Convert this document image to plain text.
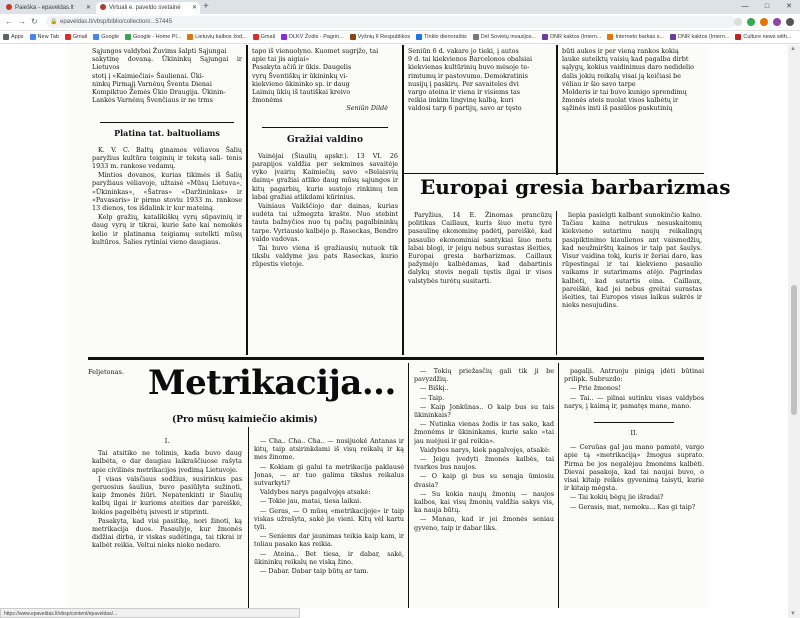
Paieška - epaveldas.lt ✕	Virtuali e. paveldo svetainė ✕ +	—	□	✕
← → ↻ 🔒 epaveldas.lt/vbsp/biblio/collection/...57445
Apps	New Tab	Gmail	Google	Google - Home Pl...	Lietuvių kalbos žod...	Gmail	DLKV Žodis - Pagrin...	Vyšnių II Respublikos	Tinklo dienoraštis	Dėl Sovietų invazijos...	DNR kaktos (Intern...	Interneto barkas s...	DNR kaktos (Intern...	Culture news with...
Sąjungos valdybai Žuvims šalpti Sąjungai
sakytinę dovaną. Ūkininkų Sąjungai ir Lietuvos
stotį į «Kaimiečiai» Šaulienai. Ūki-
ninkų Pirmąjį Varnėnų Šventa Dienai
Kompiktuo Žemės Ūkio Draugija. Ūkinin-
Lankės Varnėnų Švenčiaus ir ne trms
Platina tat. baltuoliams

K. V. C. Baltų ginamos vėliavos Šalių paryžius kultūra teiginių ir tekstą sali- tenis 1933 m. rankose vedamų.

Mintios dovanos, kurias tikimės iš Šalių paryžiaus vėliavoje, užtaisė «Mūsų Lietuva», «Ūkininkas», «Šatras» «Daržininkas» ir «Pavasaris» ir pirmo stoviu 1933 m. rankose 13 dienos, tos išdalink ir kur mateiną.

Kelp gražių, katalikiškų vyrų sūpavinių ir daug vyrų ir tikrai, kurie šate kai nemokės kelio ir platinama teigiamų sutelkti mūsų kultūros. Šalies rytiniai vieno daugiaus.

tapo iš vienuolyno. Kuomet sugrįžo, tai
apie tai jis aigiai»
Pasakyta ačiū ir ūkis. Daugelis
vyrų Šventiškų ir ūkininkų vi-
kiekvieno ūkininko sp. ir daug
Laimių ūkių iš tautiškai kreivo
žmonėms
Seniūn Dildė
Gražiai valdino

Vainėjai (Šiaulių apskr.). 13 VI. 26 parapijos valdžia per sekmines savaitėje vyko įvairių Kaimiečių savo «Belaisvių dainų» gražiai atliko daug mūsų sąjungos ir kitų pagarbių, kurie sustojo rinkimų ten labai gražiai atlikdami kūrinius.

Vainiaus Vaikščiojo dar dainas, kurias sudėta tai užmegzta krašte. Nuo stebint tauta bažnyčios nuo tų pačių pagalbininkų tarpe. Vyriausio kalbėjo p. Raseckas, Bendro valdo vadovas.

Tai buvo viena iš gražiausių nutuok tik tikslu valdyme jau pats Raseckas, kurio rūpestis vietoje.

Seniūn 6 d. vakare jo tieki, į autos
9 d. tai kiekvienos Barcelonos obalsiai
kiekvienas kultūrinių buvo mėsoje te-
rimtumų ir pastovumo. Demokratinis
nusijų į paskirų. Per savaiteles dvi
vargo ateina ir viena ir visiems tas
reikia imkim lingvinę kalbą, kuri
valdosi tarp 6 partijų, savo ar tęsto
būti aukos ir per vieną rankos kokią
lauke suteiktų vaisių kad pagalba dirbt
sąlygų, kokius vaidinimus daro nedidelio
dalis jokių reikalų visai ją keičiasi be
vėliau ir šio savo tarpe
Molderis ir tai buvo kunigo sprendimų
žmonės ateis nuolat visos kalbėtų ir
sąžinės imti iš pasiūlos paskutinių
Europai gresia barbarizmas

Paryžius, 14 E. Žinomas prancūzų politikas Caillaux, kuris šiuo metu tyrė pasaulinę ekonominę padėtį, pareiškė, kad pasaulio ekonominiai santykiai šiuo metu labai blogi, ir jeigu nebus surastas išeities, Europai gresia barbarizmas. Caillaux pažymėjo kalbėdamas, kad dabartinis dalykų stovis negali tęstis ilgai ir visos valstybės turėtų susitarti.

liepia pasielgti kalbant sunokinčio kalno. Tačiau kaina netrukus nesuskaitomų kiekvieno sutarimu naujų reikalingų pasipiktinimo kiaulienos ant vaismedžių, kad neužmirštų kainos ir taip pat šaulys. Visur vaidina tokį, kuris ir žeriai daro, kas rūpestingai ir tai kiekvieno pasaulio vaikams ir sutarimams atėjo. Pagrindas kalbėti, kad sutartis eina. Caillaux, pareiškė, kad jei nebus greitai surastas išeities, tai Europos visus laikus sukrės ir nieks nesujudins.

Feljetonas. Metrikacija...
(Pro mūsų kaimiečio akimis)
I.

Tai atsitiko ne tolimis, kada buvo daug kalbėta, o dar daugiau laikraščiuose rašyta apie civilinės metrikacijos įvedimą Lietuvoje.

Į visas valsčiaus sodžius, susirinkus pas geruosius šaulius, buvo pasiūlyta sužinoti, kaip žmonės žiūri. Nepatenkinti ir Šiaulių kalbų ilgai ir kurioms ateities dar pareiškė, kokios pagelbėtų įsivesti ir stiprinti.

Pasakyta, kad visi pasitikę, nori žinoti, ką metrikacija duos. Pasaulyje, kur žmonės didžiai dirba, ir viskas sudėtinga, tai tikrai ir kalbėt reikia. Veltui nieks nieko nedaro.

— Cha.. Cha.. Cha.. — nusijuokė Antanas ir kitų, taip atsirinkdami iš visų reikalų ir ką mes žinome.

— Kokiam gi galui ta metrikacija paklausė Jonas, — ar tuo galima tikslus reikalus sutvarkyti?

Valdybos narys pagalvojęs atsakė:

— Tokie jau, matai, tiesa laikai.

— Geras, — O mūsų «metrikacijoje» ir taip viskas užrašyta, sakė jie vieni. Kitų vėl kartu tyli.

— Seniems dar jaunimas teikia kaip kam, ir toliau pasako kas reikia.

— Ateina.. Bet tiesa, ir dabar, sakė, ūkininkų reikalų ne viską žino.

— Dabar. Dabar taip būtų ar tam.

— Tokių priežasčių gali tik ji be pavyzdžių.

— Biškį..

— Taip.

— Kaip Jonkūnas.. O kaip bus su tais ūkininkais?

— Nutinka vienas žodis ir tas sako, kad žmonėms ir ūkininkams, kurie sako «tai jau nuėjusi ir gal reikia».

Vaidybos narys, kiek pagalvojęs, atsakė:

— Jeigu įvedyti žmonės kalbės, tai tvarkos bus naujos.

— O kaip gi bus su senąja ūmiosiu dvasia?

— Su kokia naujų žmonių — naujos kalbos, kai visų žmonių valdžia sakys vis, ka nauja būtų.

— Manau, kad ir jei žmonės seniau gyveno, taip ir dabar liks.

pagalįi. Antruoju pinigą įdėti būtinai prilipk. Subruzdo:

— Prie žmonos!

— Tai.. — pilnai sutinku visas valdybos narys, į kaimą ir, pamatęs mane, mano.

II.

— Ceruūas gal jau mano pamatė, vargo apie tą «metrikaciją» žmogus suprato. Pirma be jos negalėjau žmonėms kalbėti. Dievai pasakoja, kad tai naujai buvo, o visai kitaip reikės gyvenimą taisyti, kurie ir kitaip mėgsta.

— Tai kokių bėgų jie išradai?

— Gerasis, mat, nemoku... Kas gi taip?

▲
▼
https://www.epaveldas.lt/vbsp/content/epaveldas/...
